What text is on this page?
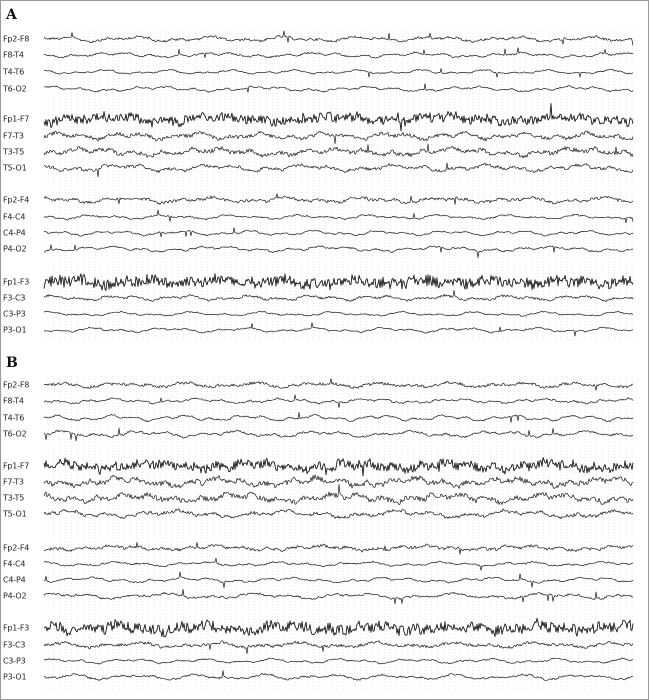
A
B
Fp2-F8
F8-T4
T4-T6
T6-O2
Fp1-F7
F7-T3
T3-T5
T5-O1
Fp2-F4
F4-C4
C4-P4
P4-O2
Fp1-F3
F3-C3
C3-P3
P3-O1
Fp2-F8
F8-T4
T4-T6
T6-O2
Fp1-F7
F7-T3
T3-T5
T5-O1
Fp2-F4
F4-C4
C4-P4
P4-O2
Fp1-F3
F3-C3
C3-P3
P3-O1
